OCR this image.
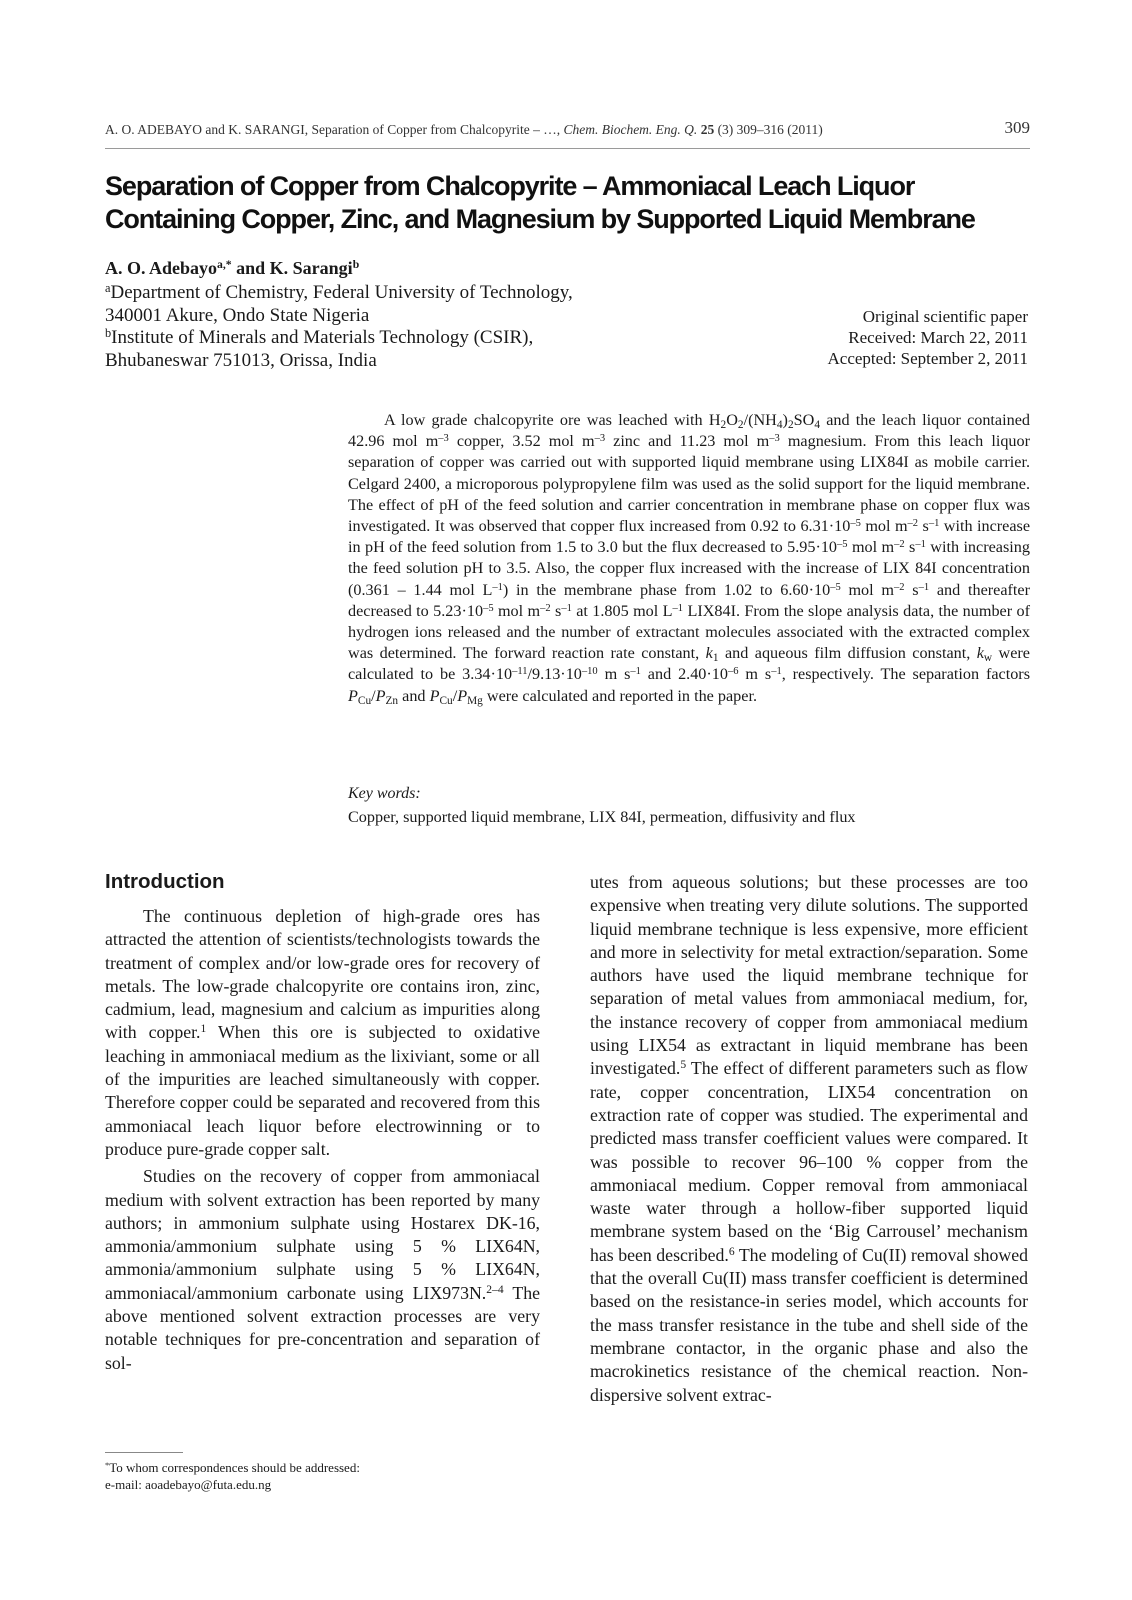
A. O. ADEBAYO and K. SARANGI, Separation of Copper from Chalcopyrite – …, Chem. Biochem. Eng. Q. 25 (3) 309–316 (2011)	309
Separation of Copper from Chalcopyrite – Ammoniacal Leach Liquor
Containing Copper, Zinc, and Magnesium by Supported Liquid Membrane
A. O. Adebayo$^{a,*}$ and K. Sarangi$^b$
$^a$Department of Chemistry, Federal University of Technology,
340001 Akure, Ondo State Nigeria
$^b$Institute of Minerals and Materials Technology (CSIR),
Bhubaneswar 751013, Orissa, India
Original scientific paper
Received: March 22, 2011
Accepted: September 2, 2011
A low grade chalcopyrite ore was leached with $H_2O_2/(NH_4)_2SO_4$ and the leach liquor contained 42.96 mol $m^{-3}$ copper, 3.52 mol $m^{-3}$ zinc and 11.23 mol $m^{-3}$ magnesium. From this leach liquor separation of copper was carried out with supported liquid membrane using LIX84I as mobile carrier. Celgard 2400, a microporous polypropylene film was used as the solid support for the liquid membrane. The effect of pH of the feed solution and carrier concentration in membrane phase on copper flux was investigated. It was observed that copper flux increased from 0.92 to $6.31\cdot 10^{-5}$ mol $m^{-2}$ $s^{-1}$ with increase in pH of the feed solution from 1.5 to 3.0 but the flux decreased to $5.95\cdot 10^{-5}$ mol $m^{-2}$ $s^{-1}$ with increasing the feed solution pH to 3.5. Also, the copper flux increased with the increase of LIX 84I concentration (0.361 – 1.44 mol $L^{-1}$) in the membrane phase from 1.02 to $6.60\cdot 10^{-5}$ mol $m^{-2}$ $s^{-1}$ and thereafter decreased to $5.23\cdot 10^{-5}$ mol $m^{-2}$ $s^{-1}$ at 1.805 mol $L^{-1}$ LIX84I. From the slope analysis data, the number of hydrogen ions released and the number of extractant molecules associated with the extracted complex was determined. The forward reaction rate constant, $k_1$ and aqueous film diffusion constant, $k_w$ were calculated to be $3.34\cdot 10^{-11}/9.13\cdot 10^{-10}$ m $s^{-1}$ and $2.40\cdot 10^{-6}$ m $s^{-1}$, respectively. The separation factors $P_{Cu}/P_{Zn}$ and $P_{Cu}/P_{Mg}$ were calculated and reported in the paper.
Key words:
Copper, supported liquid membrane, LIX 84I, permeation, diffusivity and flux
Introduction

The continuous depletion of high-grade ores has attracted the attention of scientists/technologists towards the treatment of complex and/or low-grade ores for recovery of metals. The low-grade chalcopyrite ore contains iron, zinc, cadmium, lead, magnesium and calcium as impurities along with copper.$^1$ When this ore is subjected to oxidative leaching in ammoniacal medium as the lixiviant, some or all of the impurities are leached simultaneously with copper. Therefore copper could be separated and recovered from this ammoniacal leach liquor before electrowinning or to produce pure-grade copper salt.

Studies on the recovery of copper from ammoniacal medium with solvent extraction has been reported by many authors; in ammonium sulphate using Hostarex DK-16, ammonia/ammonium sulphate using 5 % LIX64N, ammonia/ammonium sulphate using 5 % LIX64N, ammoniacal/ammonium carbonate using LIX973N.$^{2-4}$ The above mentioned solvent extraction processes are very notable techniques for pre-concentration and separation of sol-

utes from aqueous solutions; but these processes are too expensive when treating very dilute solutions. The supported liquid membrane technique is less expensive, more efficient and more in selectivity for metal extraction/separation. Some authors have used the liquid membrane technique for separation of metal values from ammoniacal medium, for, the instance recovery of copper from ammoniacal medium using LIX54 as extractant in liquid membrane has been investigated.$^5$ The effect of different parameters such as flow rate, copper concentration, LIX54 concentration on extraction rate of copper was studied. The experimental and predicted mass transfer coefficient values were compared. It was possible to recover 96–100 % copper from the ammoniacal medium. Copper removal from ammoniacal waste water through a hollow-fiber supported liquid membrane system based on the ‘Big Carrousel’ mechanism has been described.$^6$ The modeling of Cu(II) removal showed that the overall Cu(II) mass transfer coefficient is determined based on the resistance-in series model, which accounts for the mass transfer resistance in the tube and shell side of the membrane contactor, in the organic phase and also the macrokinetics resistance of the chemical reaction. Non-dispersive solvent extrac-

*To whom correspondences should be addressed:
e-mail: aoadebayo@futa.edu.ng
